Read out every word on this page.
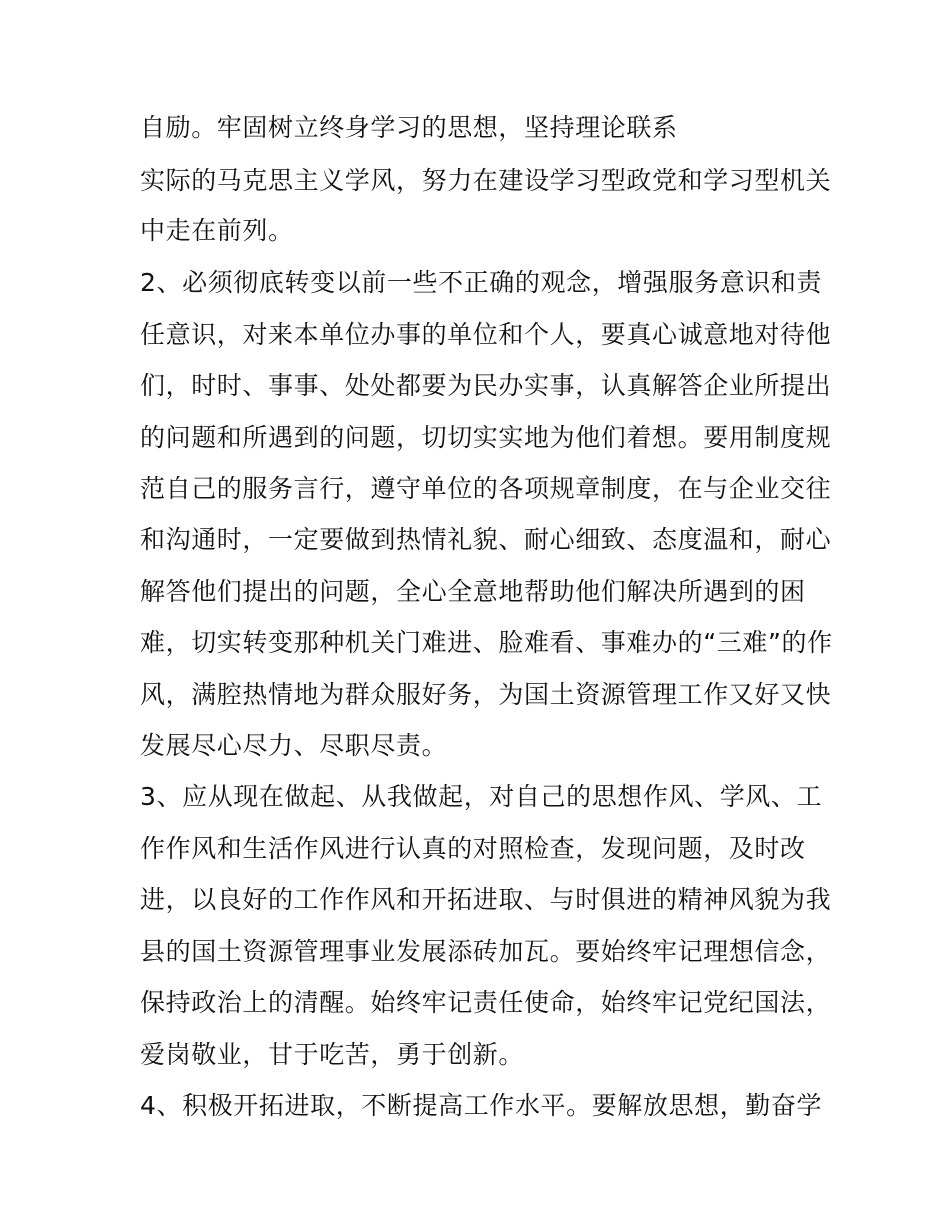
自励。牢固树立终身学习的思想，坚持理论联系
实际的马克思主义学风，努力在建设学习型政党和学习型机关
中走在前列。
2、必须彻底转变以前一些不正确的观念，增强服务意识和责
任意识，对来本单位办事的单位和个人，要真心诚意地对待他
们，时时、事事、处处都要为民办实事，认真解答企业所提出
的问题和所遇到的问题，切切实实地为他们着想。要用制度规
范自己的服务言行，遵守单位的各项规章制度，在与企业交往
和沟通时，一定要做到热情礼貌、耐心细致、态度温和，耐心
解答他们提出的问题，全心全意地帮助他们解决所遇到的困
难，切实转变那种机关门难进、脸难看、事难办的“三难”的作
风，满腔热情地为群众服好务，为国土资源管理工作又好又快
发展尽心尽力、尽职尽责。
3、应从现在做起、从我做起，对自己的思想作风、学风、工
作作风和生活作风进行认真的对照检查，发现问题，及时改
进，以良好的工作作风和开拓进取、与时俱进的精神风貌为我
县的国土资源管理事业发展添砖加瓦。要始终牢记理想信念，
保持政治上的清醒。始终牢记责任使命，始终牢记党纪国法，
爱岗敬业，甘于吃苦，勇于创新。
4、积极开拓进取，不断提高工作水平。要解放思想，勤奋学
